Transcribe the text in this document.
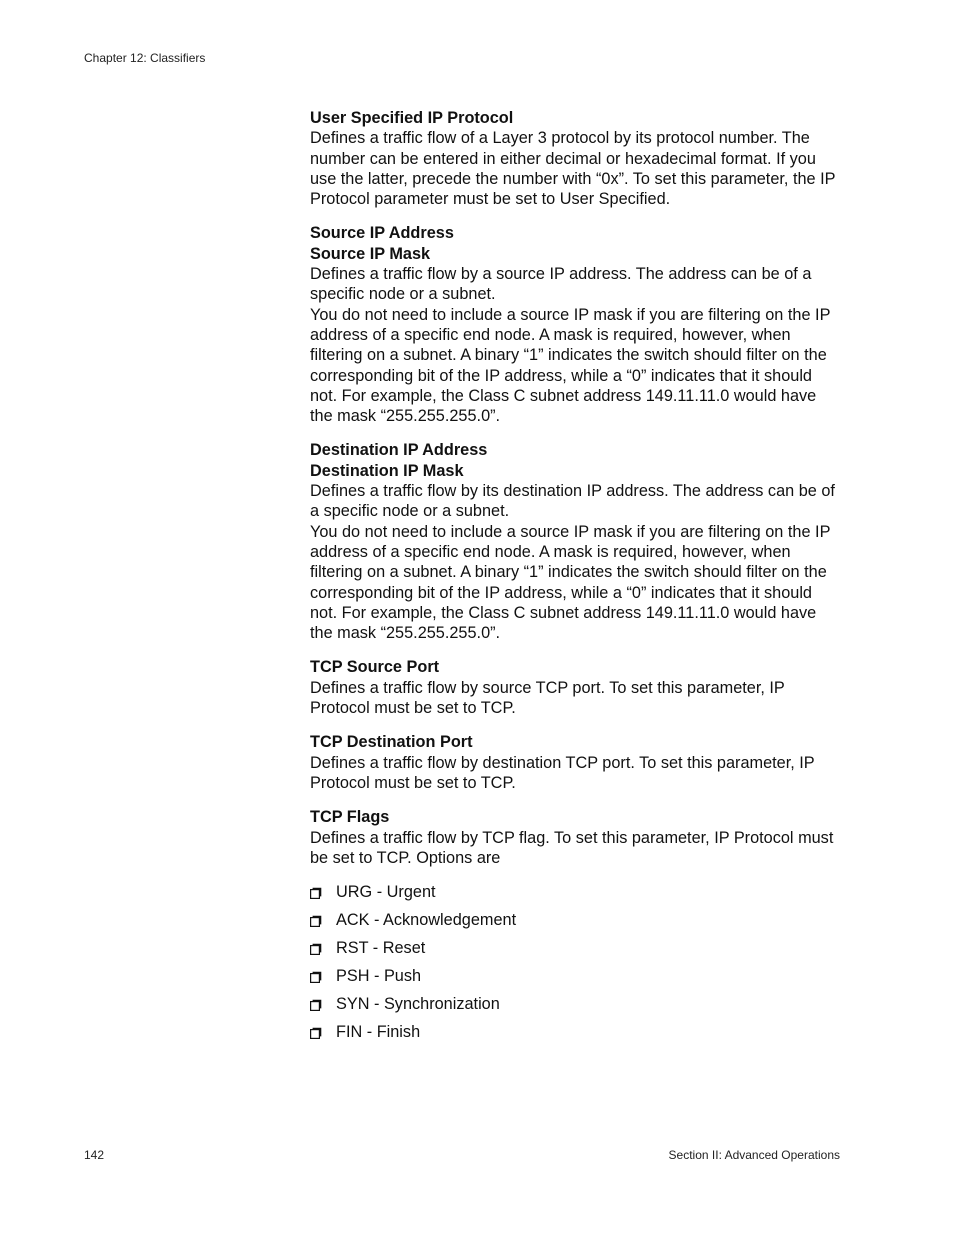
Chapter 12: Classifiers
User Specified IP Protocol

Defines a traffic flow of a Layer 3 protocol by its protocol number. The number can be entered in either decimal or hexadecimal format. If you use the latter, precede the number with “0x”. To set this parameter, the IP Protocol parameter must be set to User Specified.

Source IP Address
Source IP Mask

Defines a traffic flow by a source IP address. The address can be of a specific node or a subnet.

You do not need to include a source IP mask if you are filtering on the IP address of a specific end node. A mask is required, however, when filtering on a subnet. A binary “1” indicates the switch should filter on the corresponding bit of the IP address, while a “0” indicates that it should not. For example, the Class C subnet address 149.11.11.0 would have the mask “255.255.255.0”.

Destination IP Address
Destination IP Mask

Defines a traffic flow by its destination IP address. The address can be of a specific node or a subnet.

You do not need to include a source IP mask if you are filtering on the IP address of a specific end node. A mask is required, however, when filtering on a subnet. A binary “1” indicates the switch should filter on the corresponding bit of the IP address, while a “0” indicates that it should not. For example, the Class C subnet address 149.11.11.0 would have the mask “255.255.255.0”.

TCP Source Port

Defines a traffic flow by source TCP port. To set this parameter, IP Protocol must be set to TCP.

TCP Destination Port

Defines a traffic flow by destination TCP port. To set this parameter, IP Protocol must be set to TCP.

TCP Flags

Defines a traffic flow by TCP flag. To set this parameter, IP Protocol must be set to TCP. Options are

URG - Urgent
ACK - Acknowledgement
RST - Reset
PSH - Push
SYN - Synchronization
FIN - Finish
142	Section II: Advanced Operations
